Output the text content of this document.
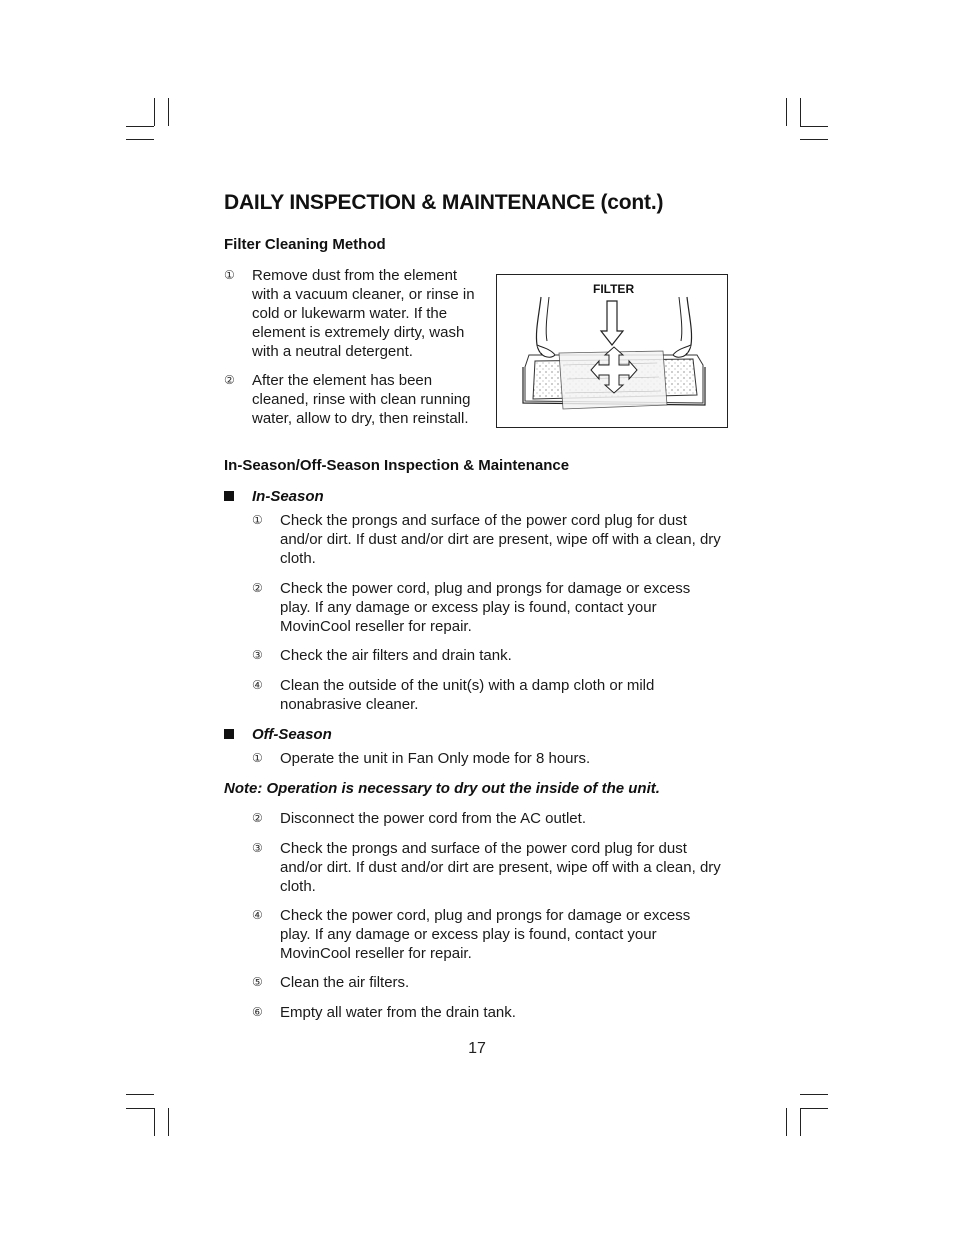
DAILY INSPECTION & MAINTENANCE (cont.)
Filter Cleaning Method
①	Remove dust from the element with a vacuum cleaner, or rinse in cold or lukewarm water. If the element is extremely dirty, wash with a neutral detergent.
②	After the element has been cleaned, rinse with clean running water, allow to dry, then reinstall.
FILTER
In-Season/Off-Season Inspection & Maintenance
In-Season
①	Check the prongs and surface of the power cord plug for dust and/or dirt. If dust and/or dirt are present, wipe off with a clean, dry cloth.
②	Check the power cord, plug and prongs for damage or excess play. If any damage or excess play is found, contact your MovinCool reseller for repair.
③	Check the air filters and drain tank.
④	Clean the outside of the unit(s) with a damp cloth or mild nonabrasive cleaner.
Off-Season
①	Operate the unit in Fan Only mode for 8 hours.
Note: Operation is necessary to dry out the inside of the unit.
②	Disconnect the power cord from the AC outlet.
③	Check the prongs and surface of the power cord plug for dust and/or dirt. If dust and/or dirt are present, wipe off with a clean, dry cloth.
④	Check the power cord, plug and prongs for damage or excess play. If any damage or excess play is found, contact your MovinCool reseller for repair.
⑤	Clean the air filters.
⑥	Empty all water from the drain tank.
17
